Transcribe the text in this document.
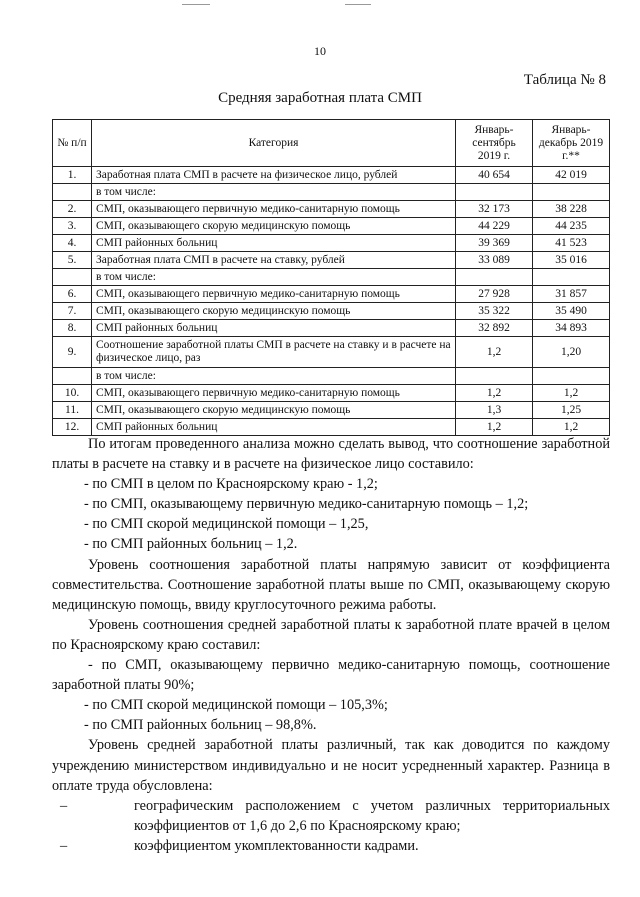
10
Таблица № 8
Средняя заработная плата СМП
№ п/п	Категория	Январь-сентябрь 2019 г.	Январь-декабрь 2019 г.**
1.	Заработная плата СМП в расчете на физическое лицо, рублей	40 654	42 019
	в том числе:		
2.	СМП, оказывающего первичную медико-санитарную помощь	32 173	38 228
3.	СМП, оказывающего скорую медицинскую помощь	44 229	44 235
4.	СМП районных больниц	39 369	41 523
5.	Заработная плата СМП в расчете на ставку, рублей	33 089	35 016
	в том числе:		
6.	СМП, оказывающего первичную медико-санитарную помощь	27 928	31 857
7.	СМП, оказывающего скорую медицинскую помощь	35 322	35 490
8.	СМП районных больниц	32 892	34 893
9.	Соотношение заработной платы СМП в расчете на ставку и в расчете на физическое лицо, раз	1,2	1,20
	в том числе:		
10.	СМП, оказывающего первичную медико-санитарную помощь	1,2	1,2
11.	СМП, оказывающего скорую медицинскую помощь	1,3	1,25
12.	СМП районных больниц	1,2	1,2

По итогам проведенного анализа можно сделать вывод, что соотношение заработной платы в расчете на ставку и в расчете на физическое лицо составило:

- по СМП в целом по Красноярскому краю - 1,2;

- по СМП, оказывающему первичную медико-санитарную помощь – 1,2;

- по СМП скорой медицинской помощи – 1,25,

- по СМП районных больниц – 1,2.

Уровень соотношения заработной платы напрямую зависит от коэффициента совместительства. Соотношение заработной платы выше по СМП, оказывающему скорую медицинскую помощь, ввиду круглосуточного режима работы.

Уровень соотношения средней заработной платы к заработной плате врачей в целом по Красноярскому краю составил:

- по СМП, оказывающему первично медико-санитарную помощь, соотношение заработной платы 90%;

- по СМП скорой медицинской помощи – 105,3%;

- по СМП районных больниц – 98,8%.

Уровень средней заработной платы различный, так как доводится по каждому учреждению министерством индивидуально и не носит усредненный характер. Разница в оплате труда обусловлена:

–	географическим расположением с учетом различных территориальных коэффициентов от 1,6 до 2,6 по Красноярскому краю;
–	коэффициентом укомплектованности кадрами.
